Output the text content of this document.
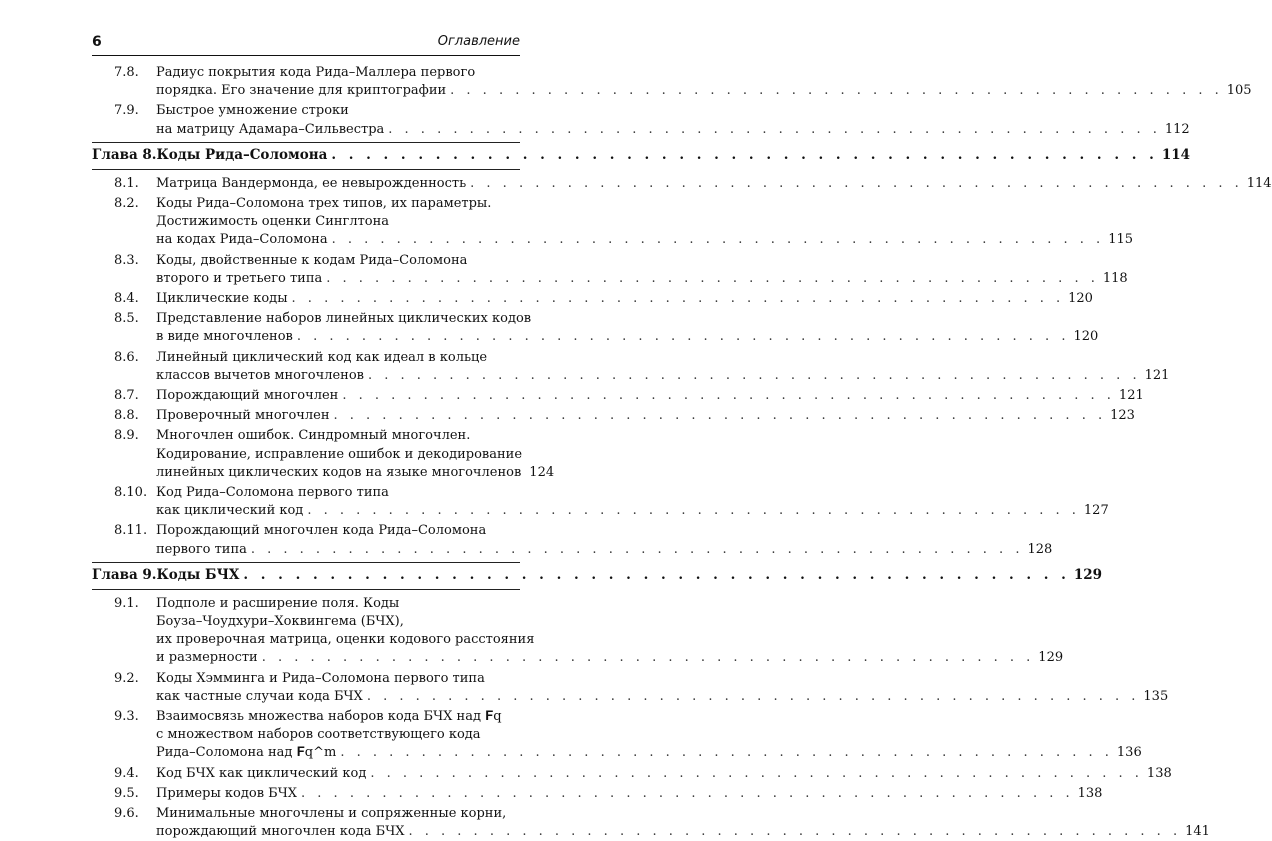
6	Оглавление
7.8. Радиус покрытия кода Рида–Маллера первого
порядка. Его значение для криптографии . . . . . . . . . . . . . . . . . . . . . . . . . . . . . . . . . . . . . . . . . . . . . . . . 105
7.9. Быстрое умножение строки
на матрицу Адамара–Сильвестра . . . . . . . . . . . . . . . . . . . . . . . . . . . . . . . . . . . . . . . . . . . . . . . . 112
Глава 8. Коды Рида–Соломона . . . . . . . . . . . . . . . . . . . . . . . . . . . . . . . . . . . . . . . . . . . . . . . . 114
8.1. Матрица Вандермонда, ее невырожденность . . . . . . . . . . . . . . . . . . . . . . . . . . . . . . . . . . . . . . . . . . . . . . . . 114
8.2. Коды Рида–Соломона трех типов, их параметры.
Достижимость оценки Синглтона
на кодах Рида–Соломона . . . . . . . . . . . . . . . . . . . . . . . . . . . . . . . . . . . . . . . . . . . . . . . . 115
8.3. Коды, двойственные к кодам Рида–Соломона
второго и третьего типа . . . . . . . . . . . . . . . . . . . . . . . . . . . . . . . . . . . . . . . . . . . . . . . . 118
8.4. Циклические коды . . . . . . . . . . . . . . . . . . . . . . . . . . . . . . . . . . . . . . . . . . . . . . . . 120
8.5. Представление наборов линейных циклических кодов
в виде многочленов . . . . . . . . . . . . . . . . . . . . . . . . . . . . . . . . . . . . . . . . . . . . . . . . 120
8.6. Линейный циклический код как идеал в кольце
классов вычетов многочленов . . . . . . . . . . . . . . . . . . . . . . . . . . . . . . . . . . . . . . . . . . . . . . . . 121
8.7. Порождающий многочлен . . . . . . . . . . . . . . . . . . . . . . . . . . . . . . . . . . . . . . . . . . . . . . . . 121
8.8. Проверочный многочлен . . . . . . . . . . . . . . . . . . . . . . . . . . . . . . . . . . . . . . . . . . . . . . . . 123
8.9. Многочлен ошибок. Синдромный многочлен.
Кодирование, исправление ошибок и декодирование
линейных циклических кодов на языке многочленов 124
8.10. Код Рида–Соломона первого типа
как циклический код . . . . . . . . . . . . . . . . . . . . . . . . . . . . . . . . . . . . . . . . . . . . . . . . 127
8.11. Порождающий многочлен кода Рида–Соломона
первого типа . . . . . . . . . . . . . . . . . . . . . . . . . . . . . . . . . . . . . . . . . . . . . . . . 128
Глава 9. Коды БЧХ . . . . . . . . . . . . . . . . . . . . . . . . . . . . . . . . . . . . . . . . . . . . . . . . 129
9.1. Подполе и расширение поля. Коды
Боуза–Чоудхури–Хоквингема (БЧХ),
их проверочная матрица, оценки кодового расстояния
и размерности . . . . . . . . . . . . . . . . . . . . . . . . . . . . . . . . . . . . . . . . . . . . . . . . 129
9.2. Коды Хэмминга и Рида–Соломона первого типа
как частные случаи кода БЧХ . . . . . . . . . . . . . . . . . . . . . . . . . . . . . . . . . . . . . . . . . . . . . . . . 135
9.3. Взаимосвязь множества наборов кода БЧХ над 𝐅q
с множеством наборов соответствующего кода
Рида–Соломона над 𝐅q^m . . . . . . . . . . . . . . . . . . . . . . . . . . . . . . . . . . . . . . . . . . . . . . . . 136
9.4. Код БЧХ как циклический код . . . . . . . . . . . . . . . . . . . . . . . . . . . . . . . . . . . . . . . . . . . . . . . . 138
9.5. Примеры кодов БЧХ . . . . . . . . . . . . . . . . . . . . . . . . . . . . . . . . . . . . . . . . . . . . . . . . 138
9.6. Минимальные многочлены и сопряженные корни,
порождающий многочлен кода БЧХ . . . . . . . . . . . . . . . . . . . . . . . . . . . . . . . . . . . . . . . . . . . . . . . . 141
